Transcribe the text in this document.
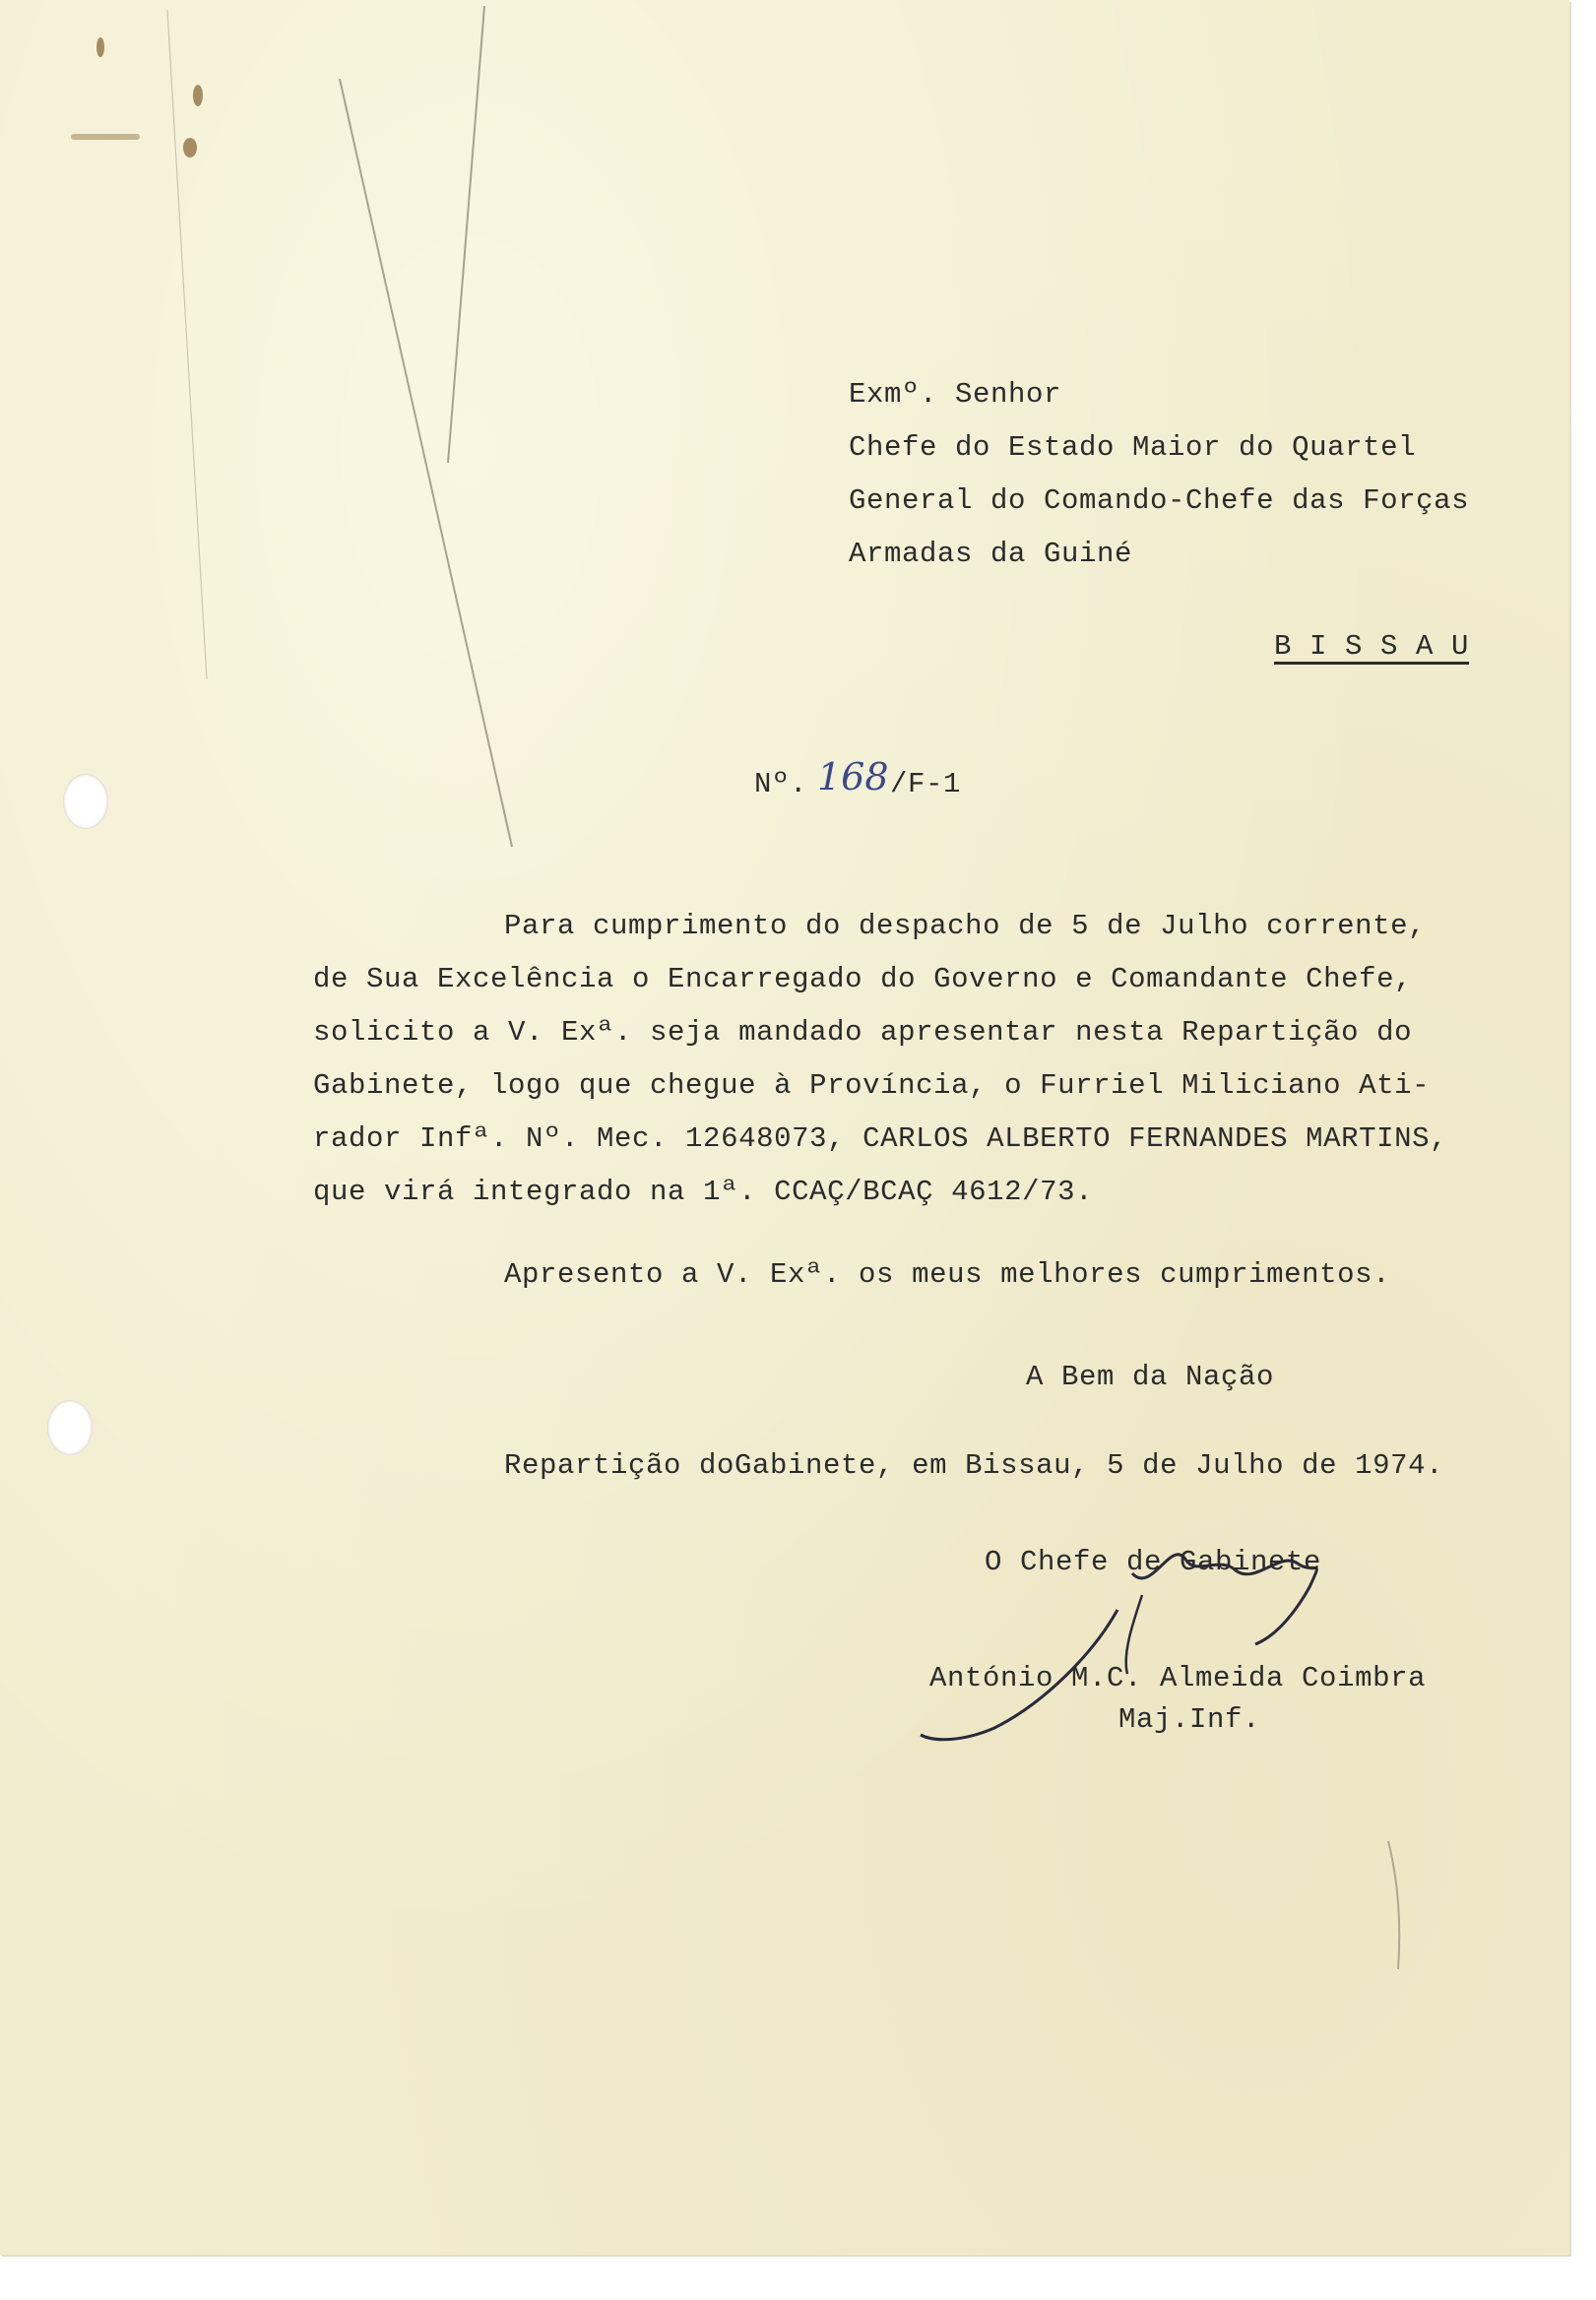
Exmº. Senhor
Chefe do Estado Maior do Quartel
General do Comando-Chefe das Forças
Armadas da Guiné
B I S S A U
Nº. 168 /F-1
Para cumprimento do despacho de 5 de Julho corrente,
de Sua Excelência o Encarregado do Governo e Comandante Chefe,
solicito a V. Exª. seja mandado apresentar nesta Repartição do
Gabinete, logo que chegue à Província, o Furriel Miliciano Ati-
rador Infª. Nº. Mec. 12648073, CARLOS ALBERTO FERNANDES MARTINS,
que virá integrado na 1ª. CCAÇ/BCAÇ 4612/73.
Apresento a V. Exª. os meus melhores cumprimentos.
A Bem da Nação
Repartição doGabinete, em Bissau, 5 de Julho de 1974.
O Chefe de Gabinete
António M.C. Almeida Coimbra
Maj.Inf.
